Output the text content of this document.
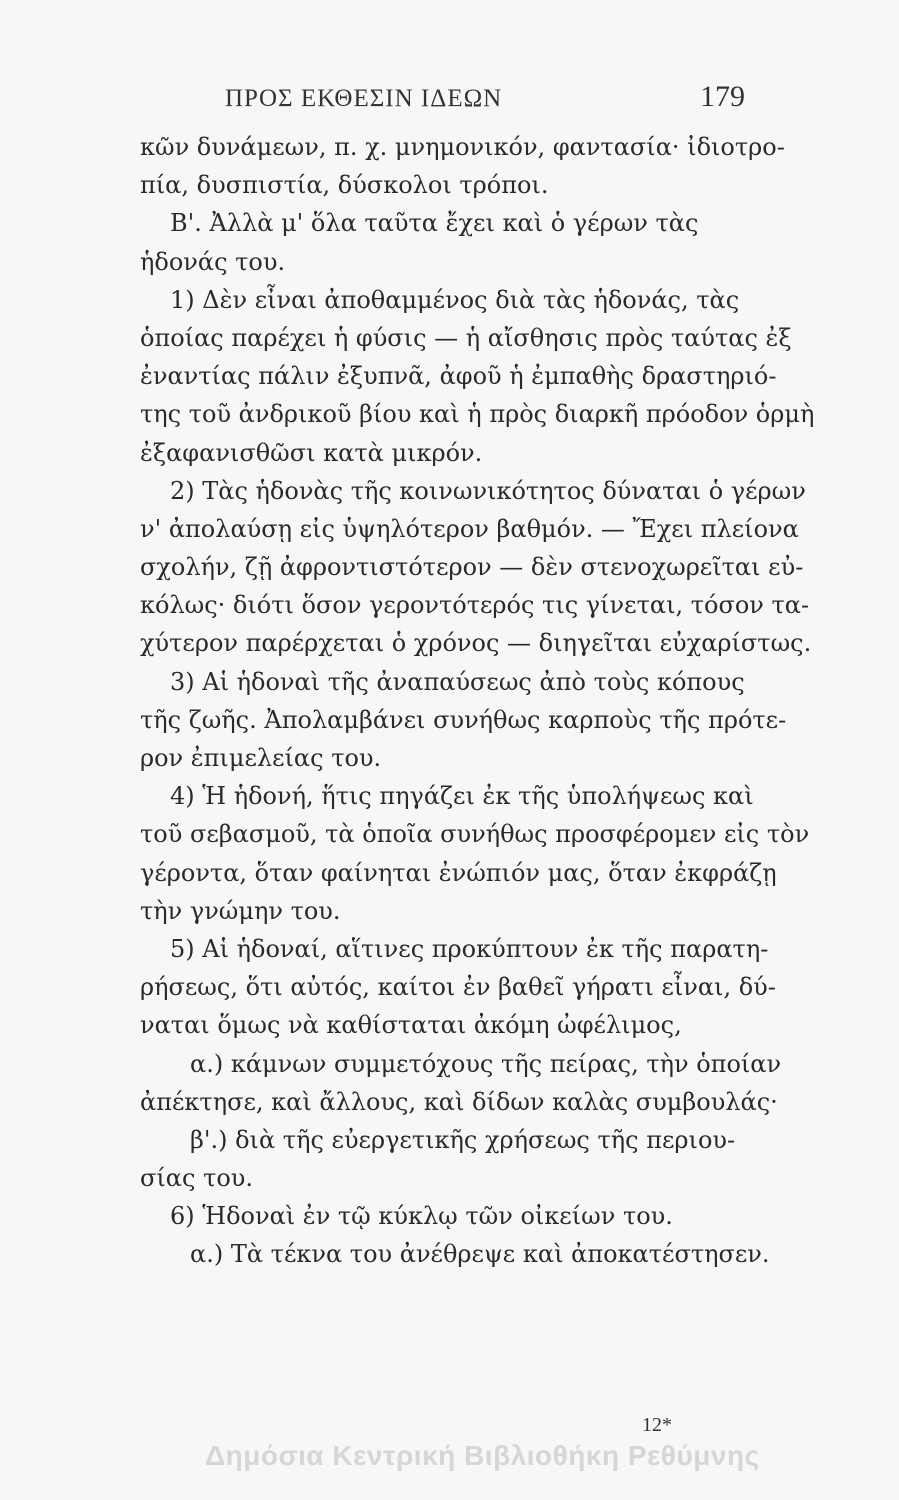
ΠΡΟΣ ΕΚΘΕΣΙΝ ΙΔΕΩΝ	179
κῶν δυνάμεων, π. χ. μνημονικόν, φαντασία· ἰδιοτρο-
πία, δυσπιστία, δύσκολοι τρόποι.
Β'. Ἀλλὰ μ' ὅλα ταῦτα ἔχει καὶ ὁ γέρων τὰς
ἡδονάς του.
1) Δὲν εἶναι ἀποθαμμένος διὰ τὰς ἡδονάς, τὰς
ὁποίας παρέχει ἡ φύσις — ἡ αἴσθησις πρὸς ταύτας ἐξ
ἐναντίας πάλιν ἐξυπνᾶ, ἀφοῦ ἡ ἐμπαθὴς δραστηριό-
της τοῦ ἀνδρικοῦ βίου καὶ ἡ πρὸς διαρκῆ πρόοδον ὁρμὴ
ἐξαφανισθῶσι κατὰ μικρόν.
2) Τὰς ἡδονὰς τῆς κοινωνικότητος δύναται ὁ γέρων
ν' ἀπολαύσῃ εἰς ὑψηλότερον βαθμόν. — Ἔχει πλείονα
σχολήν, ζῇ ἀφροντιστότερον — δὲν στενοχωρεῖται εὐ-
κόλως· διότι ὅσον γεροντότερός τις γίνεται, τόσον τα-
χύτερον παρέρχεται ὁ χρόνος — διηγεῖται εὐχαρίστως.
3) Αἱ ἡδοναὶ τῆς ἀναπαύσεως ἀπὸ τοὺς κόπους
τῆς ζωῆς. Ἀπολαμβάνει συνήθως καρποὺς τῆς πρότε-
ρον ἐπιμελείας του.
4) Ἡ ἡδονή, ἥτις πηγάζει ἐκ τῆς ὑπολήψεως καὶ
τοῦ σεβασμοῦ, τὰ ὁποῖα συνήθως προσφέρομεν εἰς τὸν
γέροντα, ὅταν φαίνηται ἐνώπιόν μας, ὅταν ἐκφράζῃ
τὴν γνώμην του.
5) Αἱ ἡδοναί, αἵτινες προκύπτουν ἐκ τῆς παρατη-
ρήσεως, ὅτι αὐτός, καίτοι ἐν βαθεῖ γήρατι εἶναι, δύ-
ναται ὅμως νὰ καθίσταται ἀκόμη ὠφέλιμος,
α.) κάμνων συμμετόχους τῆς πείρας, τὴν ὁποίαν
ἀπέκτησε, καὶ ἄλλους, καὶ δίδων καλὰς συμβουλάς·
β'.) διὰ τῆς εὐεργετικῆς χρήσεως τῆς περιου-
σίας του.
6) Ἡδοναὶ ἐν τῷ κύκλῳ τῶν οἰκείων του.
α.) Τὰ τέκνα του ἀνέθρεψε καὶ ἀποκατέστησεν.
12*
Δημόσια Κεντρική Βιβλιοθήκη Ρεθύμνης
